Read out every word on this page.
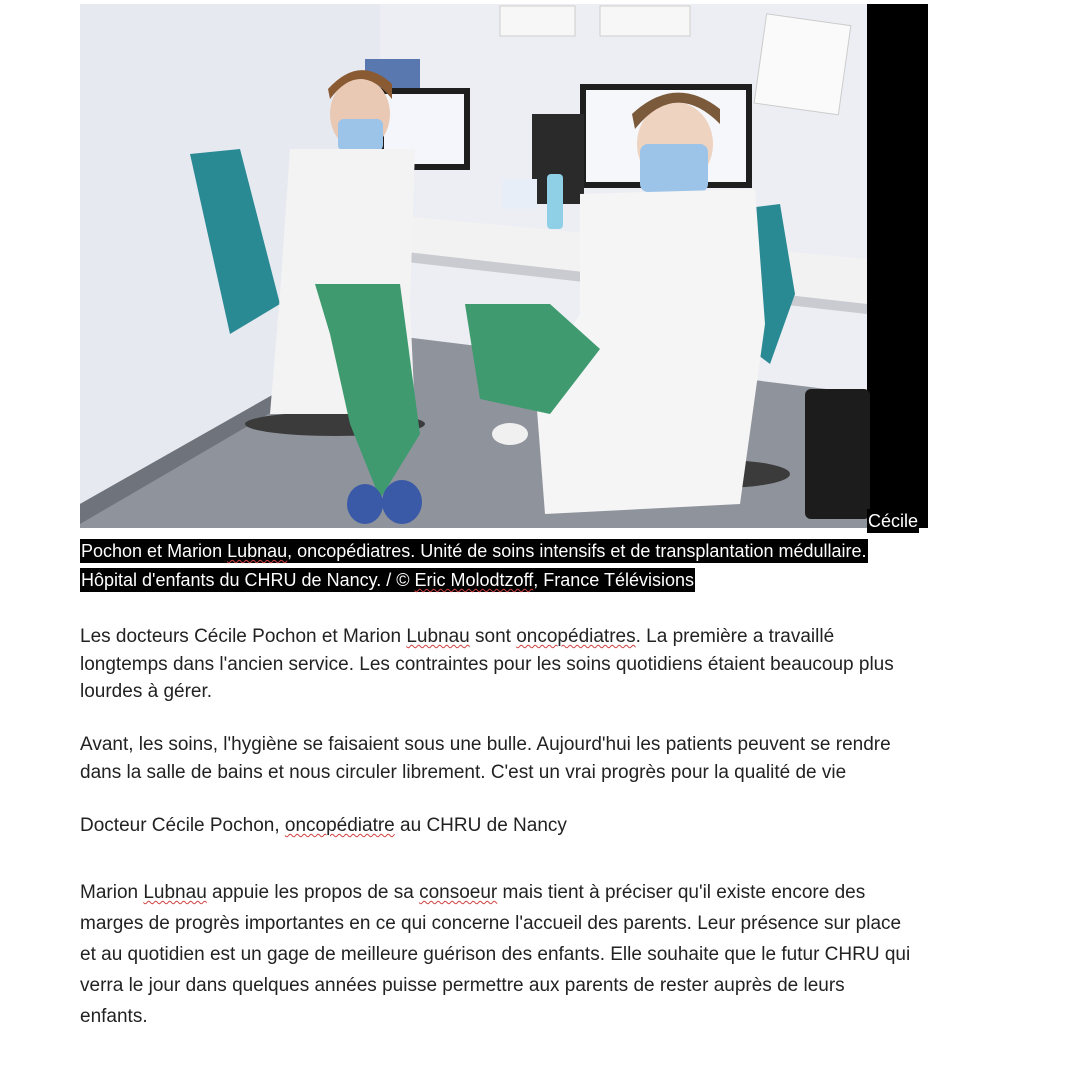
Cécile
Pochon et Marion Lubnau, oncopédiatres. Unité de soins intensifs et de transplantation médullaire.
Hôpital d'enfants du CHRU de Nancy. / © Eric Molodtzoff, France Télévisions

Les docteurs Cécile Pochon et Marion Lubnau sont oncopédiatres. La première a travaillé
longtemps dans l'ancien service. Les contraintes pour les soins quotidiens étaient beaucoup plus
lourdes à gérer.

Avant, les soins, l'hygiène se faisaient sous une bulle. Aujourd'hui les patients peuvent se rendre
dans la salle de bains et nous circuler librement. C'est un vrai progrès pour la qualité de vie

Docteur Cécile Pochon, oncopédiatre au CHRU de Nancy

Marion Lubnau appuie les propos de sa consoeur mais tient à préciser qu'il existe encore des
marges de progrès importantes en ce qui concerne l'accueil des parents. Leur présence sur place
et au quotidien est un gage de meilleure guérison des enfants. Elle souhaite que le futur CHRU qui
verra le jour dans quelques années puisse permettre aux parents de rester auprès de leurs
enfants.
